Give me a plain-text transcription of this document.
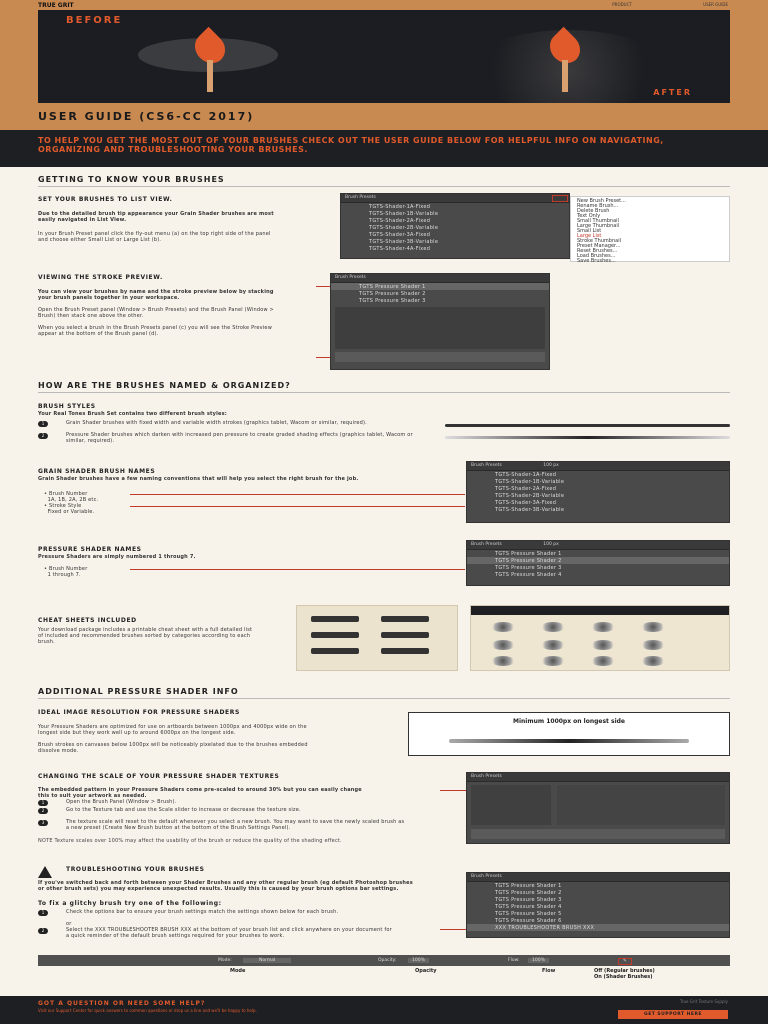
TRUE GRIT	PRODUCT	USER GUIDE
BEFORE
AFTER
USER GUIDE (CS6-CC 2017)
TO HELP YOU GET THE MOST OUT OF YOUR BRUSHES CHECK OUT THE USER GUIDE BELOW FOR HELPFUL INFO ON NAVIGATING, ORGANIZING AND TROUBLESHOOTING YOUR BRUSHES.
GETTING TO KNOW YOUR BRUSHES
SET YOUR BRUSHES TO LIST VIEW.
Due to the detailed brush tip appearance your Grain Shader brushes are most easily navigated in List View.
In your Brush Preset panel click the fly-out menu (a) on the top right side of the panel and choose either Small List or Large List (b).
Brush Presets
TGTS-Shader-1A-Fixed
TGTS-Shader-1B-Variable
TGTS-Shader-2A-Fixed
TGTS-Shader-2B-Variable
TGTS-Shader-3A-Fixed
TGTS-Shader-3B-Variable
TGTS-Shader-4A-Fixed
New Brush Preset...
Rename Brush...
Delete Brush
Text Only
Small Thumbnail
Large Thumbnail
Small List
Large List
Stroke Thumbnail
Preset Manager...
Reset Brushes...
Load Brushes...
Save Brushes...
VIEWING THE STROKE PREVIEW.
You can view your brushes by name and the stroke preview below by stacking your brush panels together in your workspace.
Open the Brush Preset panel (Window > Brush Presets) and the Brush Panel (Window > Brush) then stack one above the other.
When you select a brush in the Brush Presets panel (c) you will see the Stroke Preview appear at the bottom of the Brush panel (d).
Brush Presets
TGTS Pressure Shader 1
TGTS Pressure Shader 2
TGTS Pressure Shader 3
HOW ARE THE BRUSHES NAMED & ORGANIZED?
BRUSH STYLES
Your Real Tones Brush Set contains two different brush styles:
1	Grain Shader brushes with fixed width and variable width strokes (graphics tablet, Wacom or similar, required).
2	Pressure Shader brushes which darken with increased pen pressure to create graded shading effects (graphics tablet, Wacom or similar, required).
GRAIN SHADER BRUSH NAMES
Grain Shader brushes have a few naming conventions that will help you select the right brush for the job.
• Brush Number
1A, 1B, 2A, 2B etc.
• Stroke Style
Fixed or Variable.
Brush Presets	100 px
TGTS-Shader-1A-Fixed
TGTS-Shader-1B-Variable
TGTS-Shader-2A-Fixed
TGTS-Shader-2B-Variable
TGTS-Shader-3A-Fixed
TGTS-Shader-3B-Variable
PRESSURE SHADER NAMES
Pressure Shaders are simply numbered 1 through 7.
• Brush Number
1 through 7.
Brush Presets	100 px
TGTS Pressure Shader 1
TGTS Pressure Shader 2
TGTS Pressure Shader 3
TGTS Pressure Shader 4
CHEAT SHEETS INCLUDED
Your download package includes a printable cheat sheet with a full detailed list of included and recommended brushes sorted by categories according to each brush.
ADDITIONAL PRESSURE SHADER INFO
IDEAL IMAGE RESOLUTION FOR PRESSURE SHADERS
Your Pressure Shaders are optimized for use on artboards between 1000px and 4000px wide on the longest side but they work well up to around 6000px on the longest side.
Brush strokes on canvases below 1000px will be noticeably pixelated due to the brushes embedded dissolve mode.
Minimum 1000px on longest side
CHANGING THE SCALE OF YOUR PRESSURE SHADER TEXTURES
The embedded pattern in your Pressure Shaders come pre-scaled to around 30% but you can easily change this to suit your artwork as needed.
1	Open the Brush Panel (Window > Brush).
2	Go to the Texture tab and use the Scale slider to increase or decrease the texture size.
3	The texture scale will reset to the default whenever you select a new brush. You may want to save the newly scaled brush as a new preset (Create New Brush button at the bottom of the Brush Settings Panel).
NOTE Texture scales over 100% may affect the usability of the brush or reduce the quality of the shading effect.
Brush Presets
TROUBLESHOOTING YOUR BRUSHES
If you've switched back and forth between your Shader Brushes and any other regular brush (eg default Photoshop brushes or other brush sets) you may experience unexpected results. Usually this is caused by your brush options bar settings.
To fix a glitchy brush try one of the following:
1	Check the options bar to ensure your brush settings match the settings shown below for each brush.
or
2	Select the XXX TROUBLESHOOTER BRUSH XXX at the bottom of your brush list and click anywhere on your document for a quick reminder of the default brush settings required for your brushes to work.
Brush Presets
TGTS Pressure Shader 1
TGTS Pressure Shader 2
TGTS Pressure Shader 3
TGTS Pressure Shader 4
TGTS Pressure Shader 5
TGTS Pressure Shader 6
XXX TROUBLESHOOTER BRUSH XXX
Mode:	Normal	Opacity:	100%	Flow:	100%	✎
Mode	Opacity	Flow	Off (Regular brushes)
On (Shader Brushes)
GOT A QUESTION OR NEED SOME HELP?
Visit our Support Center for quick answers to common questions or drop us a line and we'll be happy to help.
True Grit Texture Supply
GET SUPPORT HERE
